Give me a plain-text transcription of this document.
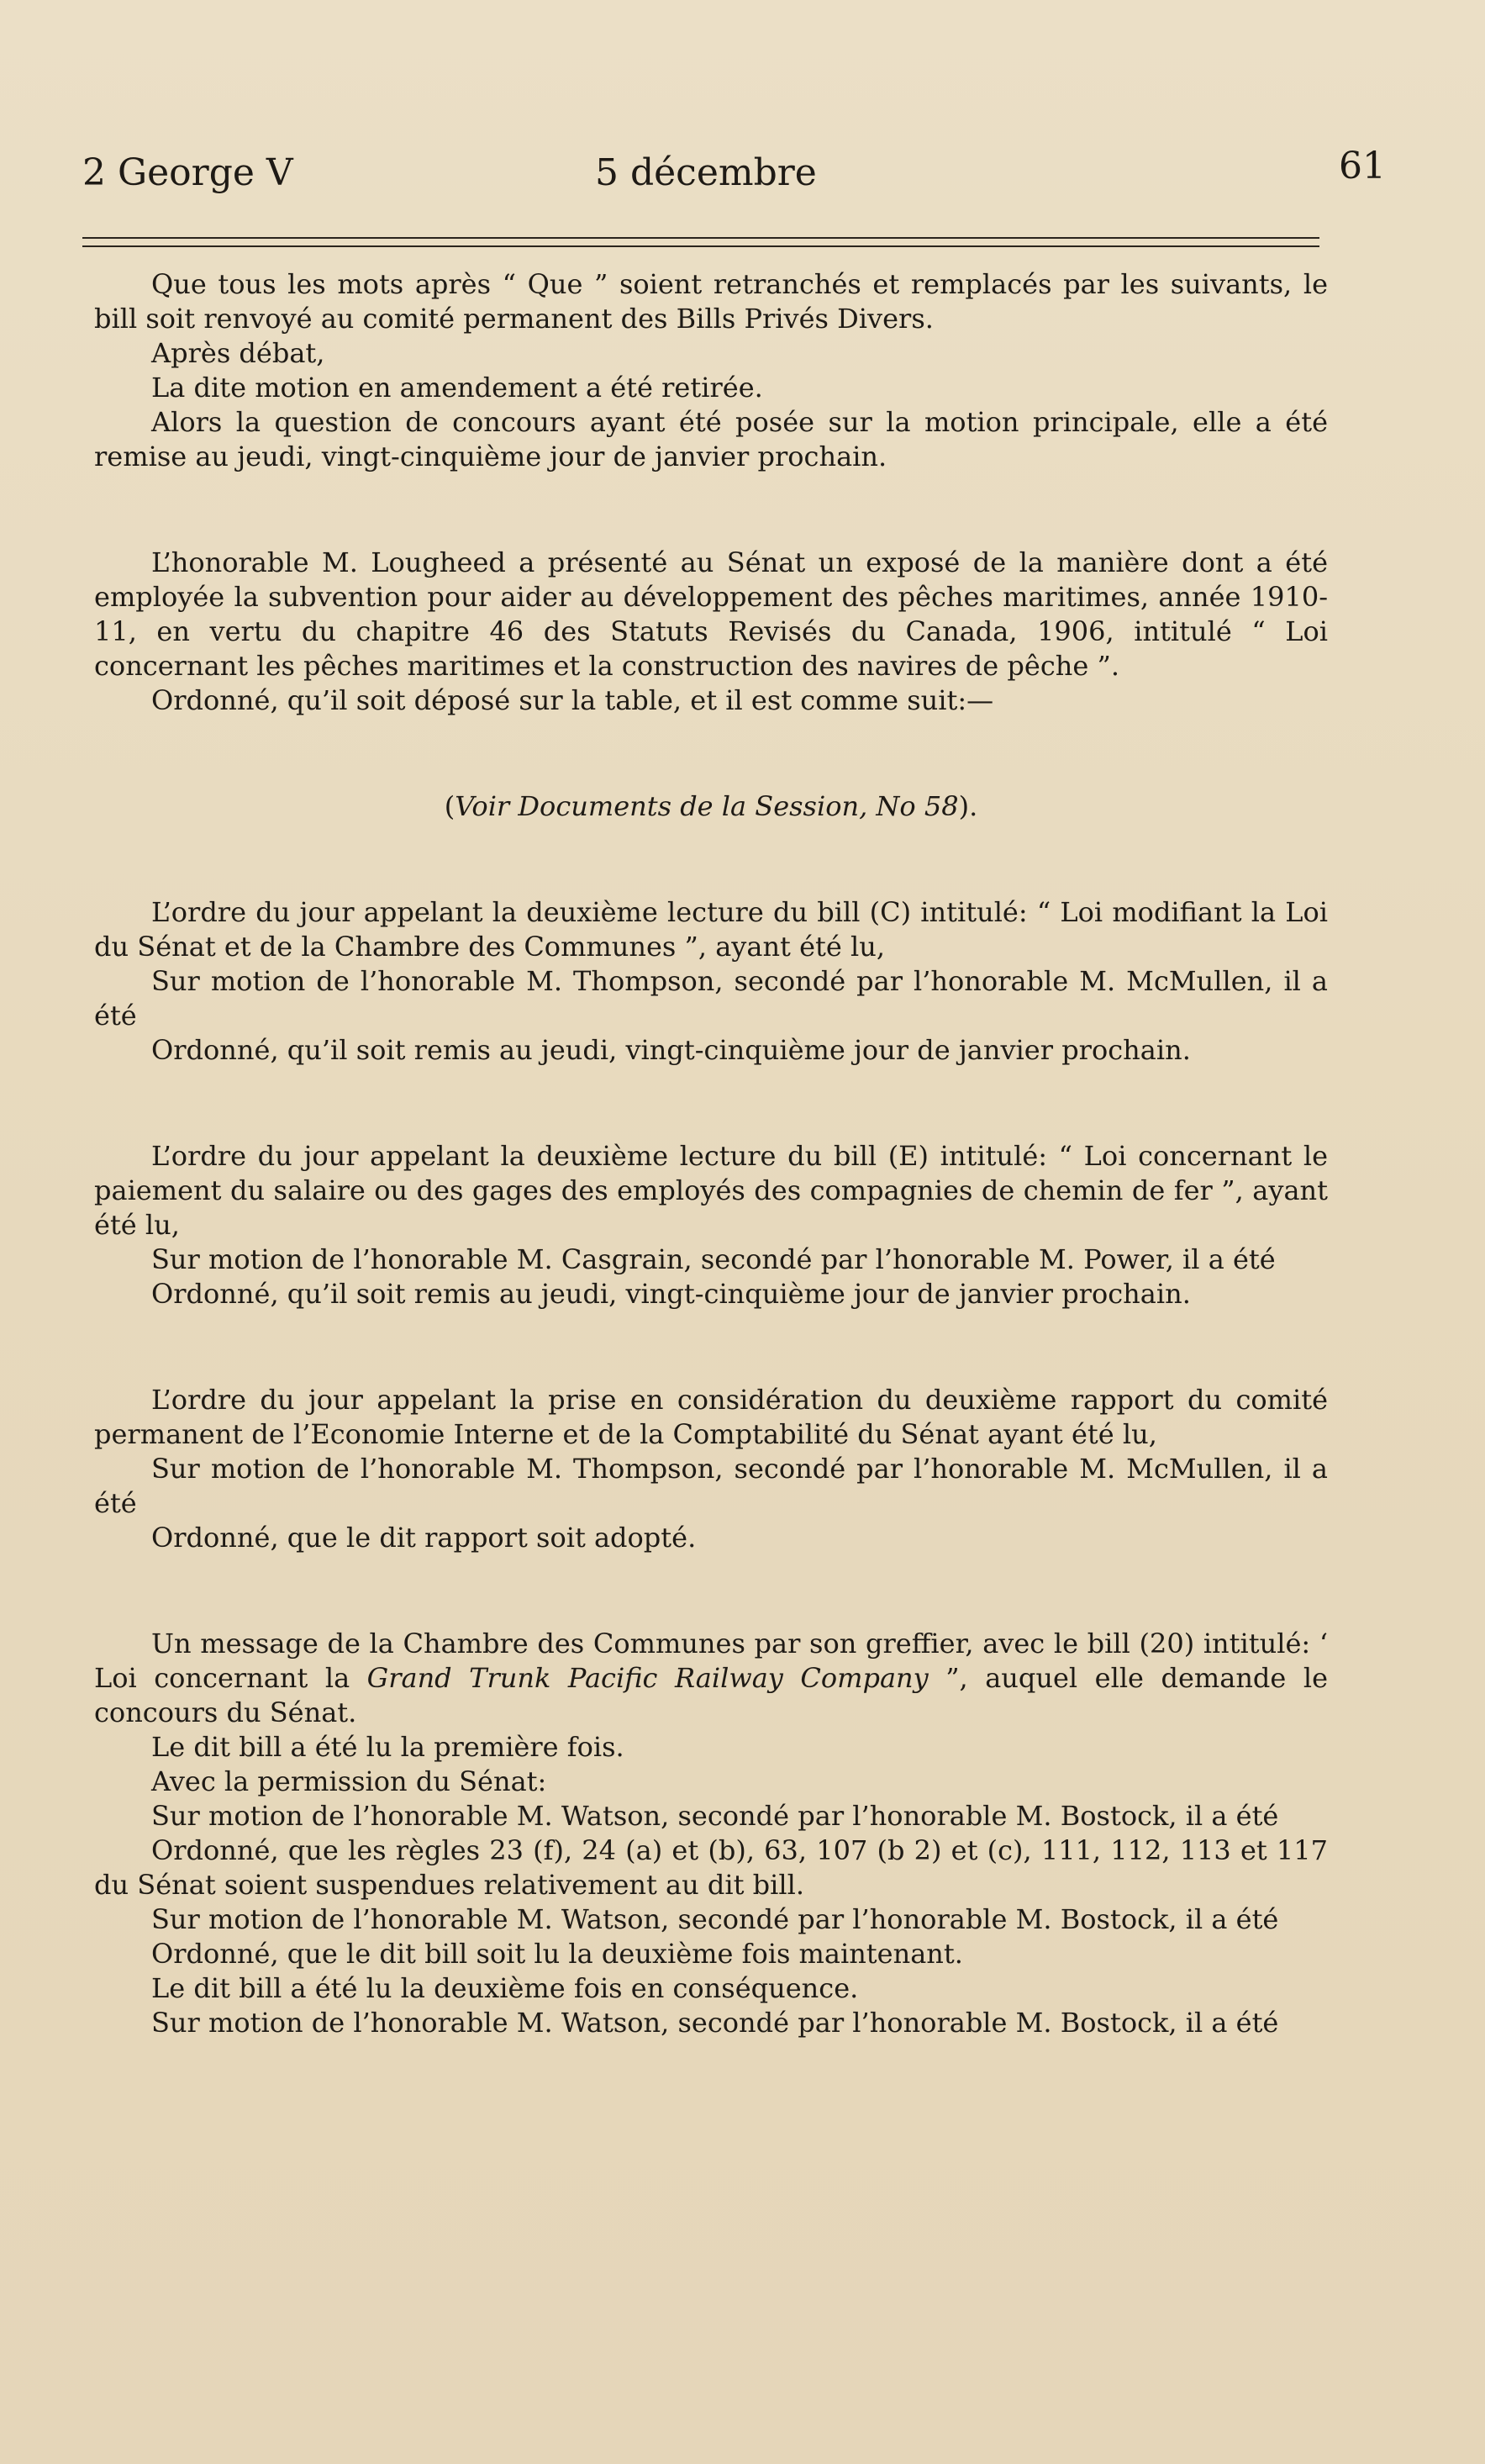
2 George V	5 décembre	61

Que tous les mots après “ Que ” soient retranchés et remplacés par les suivants, le bill soit renvoyé au comité permanent des Bills Privés Divers.

Après débat,

La dite motion en amendement a été retirée.

Alors la question de concours ayant été posée sur la motion principale, elle a été remise au jeudi, vingt-cinquième jour de janvier prochain.

L’honorable M. Lougheed a présenté au Sénat un exposé de la manière dont a été employée la subvention pour aider au développement des pêches maritimes, année 1910-11, en vertu du chapitre 46 des Statuts Revisés du Canada, 1906, intitulé “ Loi concernant les pêches maritimes et la construction des navires de pêche ”.

Ordonné, qu’il soit déposé sur la table, et il est comme suit:—

(Voir Documents de la Session, No 58).

L’ordre du jour appelant la deuxième lecture du bill (C) intitulé: “ Loi modifiant la Loi du Sénat et de la Chambre des Communes ”, ayant été lu,

Sur motion de l’honorable M. Thompson, secondé par l’honorable M. McMullen, il a été

Ordonné, qu’il soit remis au jeudi, vingt-cinquième jour de janvier prochain.

L’ordre du jour appelant la deuxième lecture du bill (E) intitulé: “ Loi concernant le paiement du salaire ou des gages des employés des compagnies de chemin de fer ”, ayant été lu,

Sur motion de l’honorable M. Casgrain, secondé par l’honorable M. Power, il a été

Ordonné, qu’il soit remis au jeudi, vingt-cinquième jour de janvier prochain.

L’ordre du jour appelant la prise en considération du deuxième rapport du comité permanent de l’Economie Interne et de la Comptabilité du Sénat ayant été lu,

Sur motion de l’honorable M. Thompson, secondé par l’honorable M. McMullen, il a été

Ordonné, que le dit rapport soit adopté.

Un message de la Chambre des Communes par son greffier, avec le bill (20) intitulé: ‘ Loi concernant la Grand Trunk Pacific Railway Company ”, auquel elle demande le concours du Sénat.

Le dit bill a été lu la première fois.

Avec la permission du Sénat:

Sur motion de l’honorable M. Watson, secondé par l’honorable M. Bostock, il a été

Ordonné, que les règles 23 (f), 24 (a) et (b), 63, 107 (b 2) et (c), 111, 112, 113 et 117 du Sénat soient suspendues relativement au dit bill.

Sur motion de l’honorable M. Watson, secondé par l’honorable M. Bostock, il a été

Ordonné, que le dit bill soit lu la deuxième fois maintenant.

Le dit bill a été lu la deuxième fois en conséquence.

Sur motion de l’honorable M. Watson, secondé par l’honorable M. Bostock, il a été
